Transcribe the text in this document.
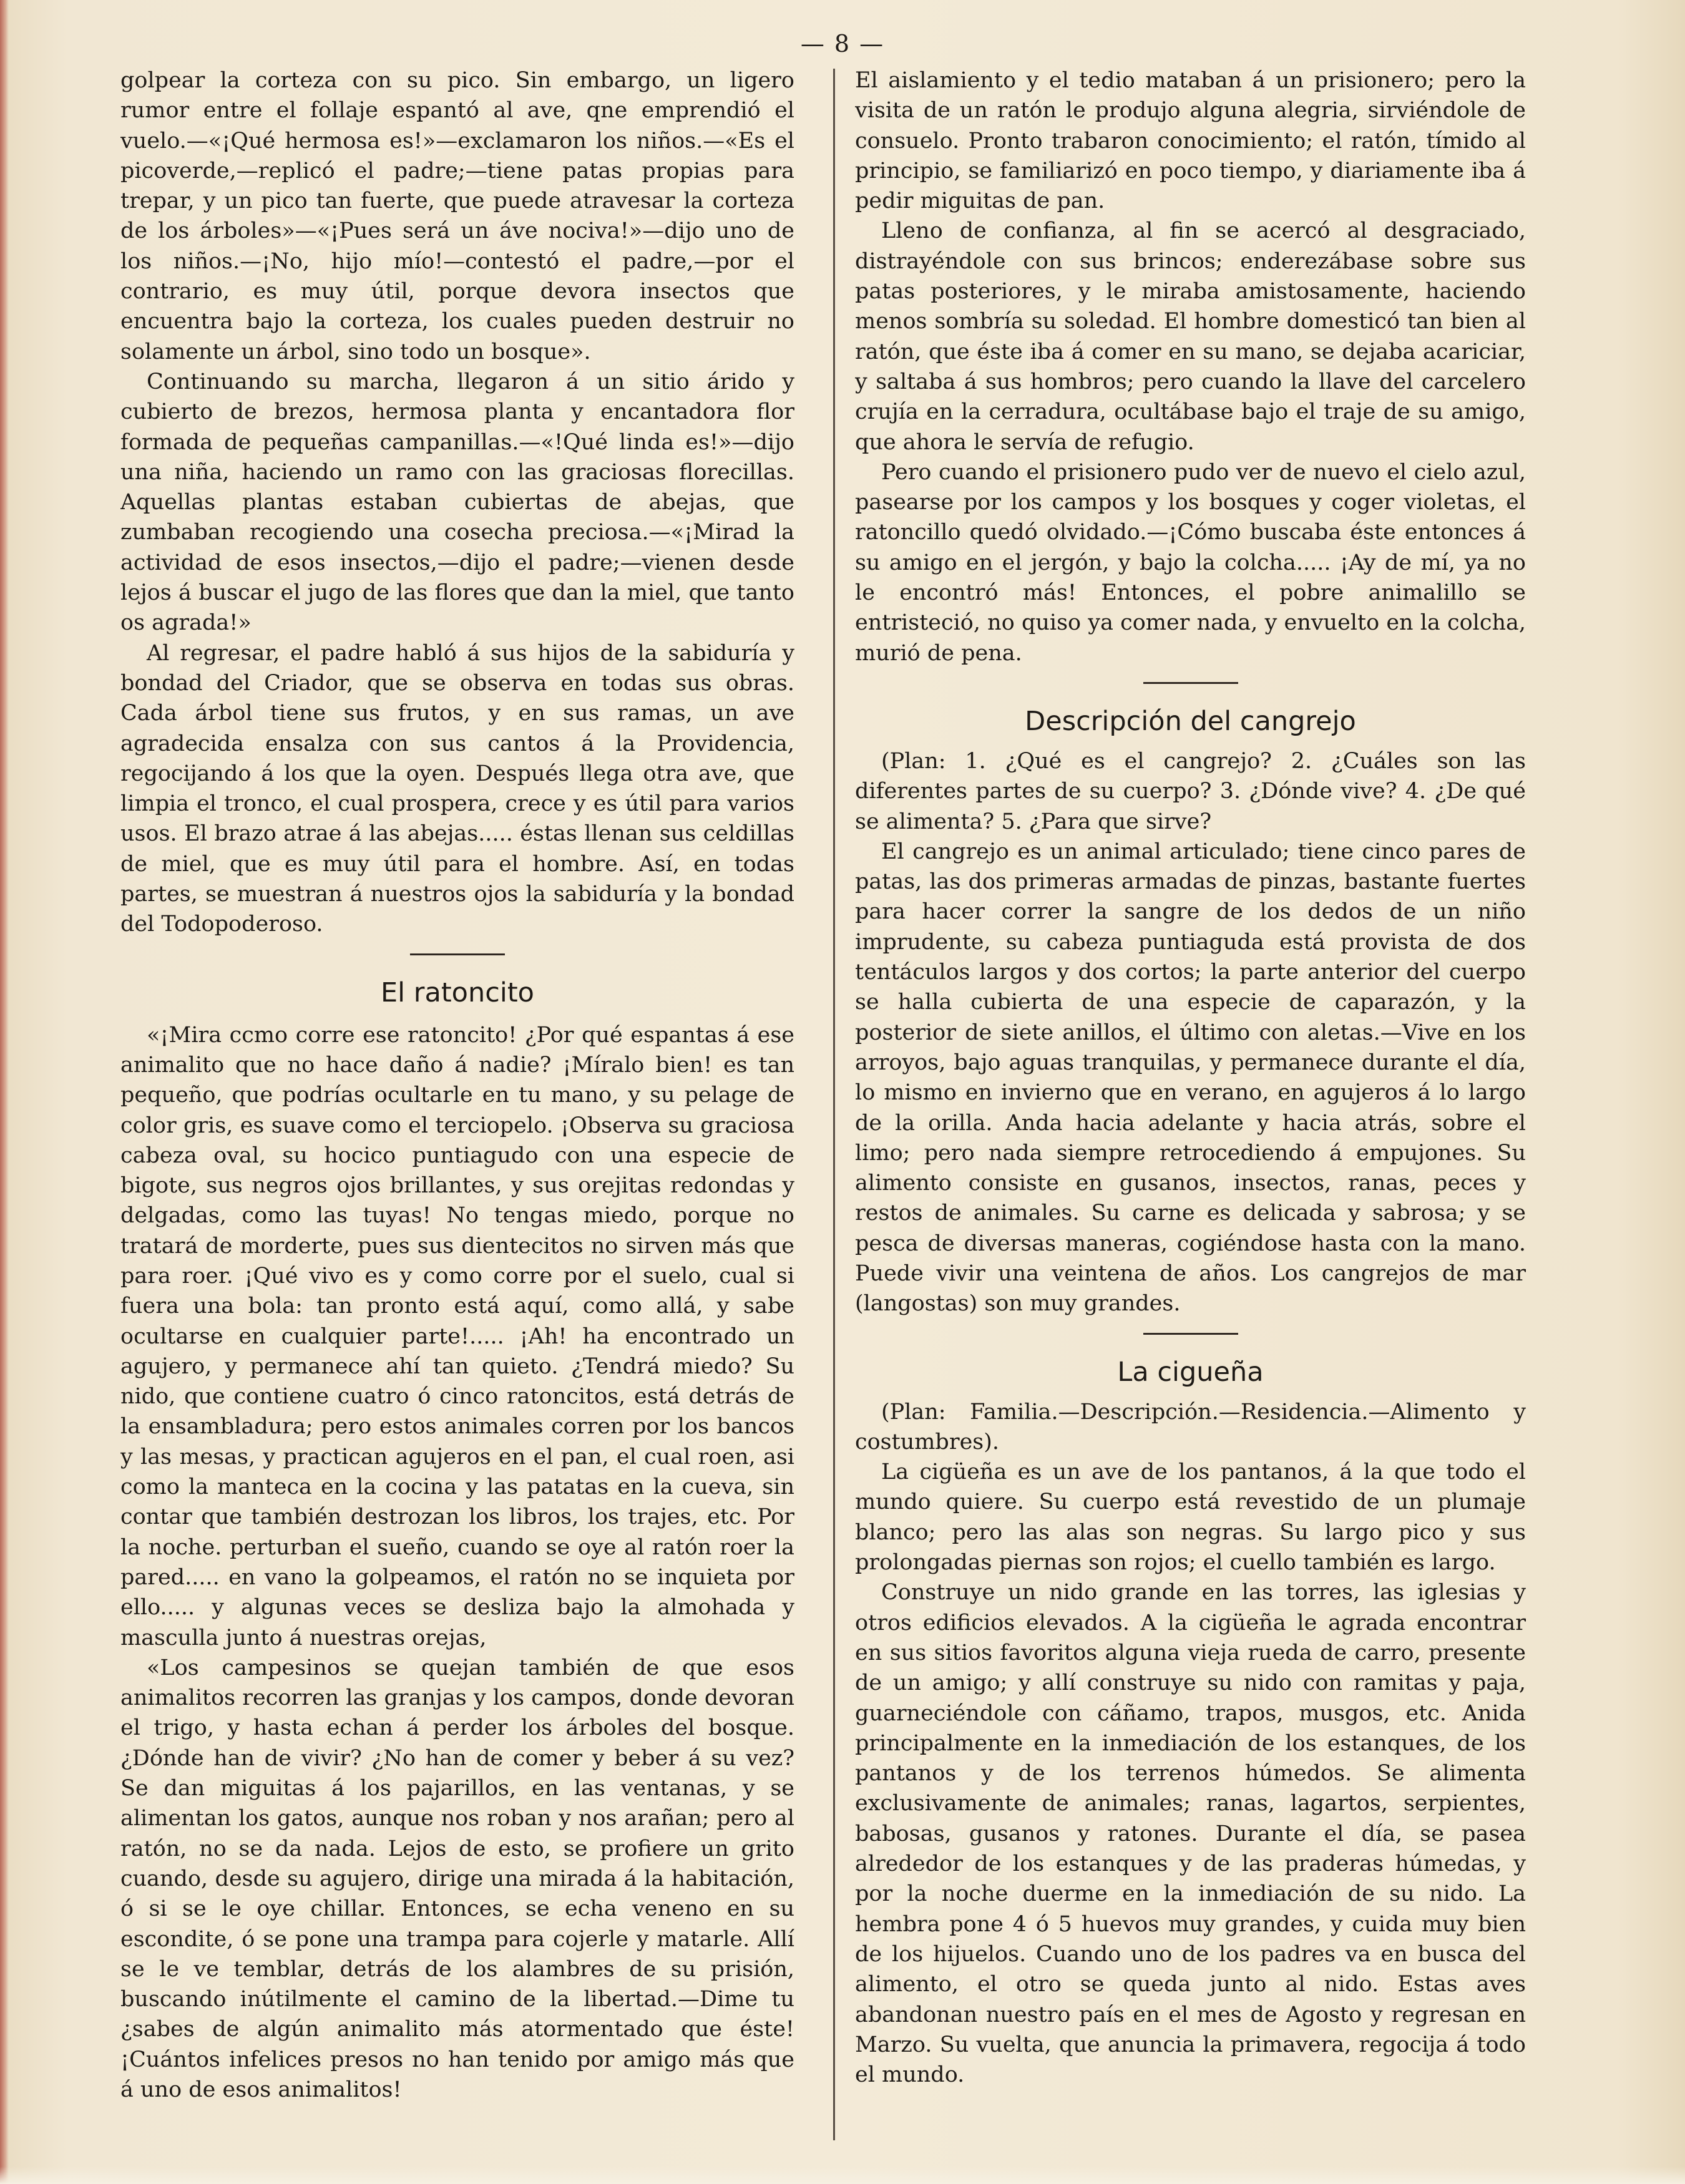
— 8 —

golpear la corteza con su pico. Sin embargo, un ligero rumor entre el follaje espantó al ave, qne emprendió el vuelo.—«¡Qué hermosa es!»—exclamaron los niños.—«Es el picoverde,—replicó el padre;—tiene patas propias para trepar, y un pico tan fuerte, que puede atravesar la corteza de los árboles»—«¡Pues será un áve nociva!»—dijo uno de los niños.—¡No, hijo mío!—contestó el padre,—por el contrario, es muy útil, porque devora insectos que encuentra bajo la corteza, los cuales pueden destruir no solamente un árbol, sino todo un bosque».

Continuando su marcha, llegaron á un sitio árido y cubierto de brezos, hermosa planta y encantadora flor formada de pequeñas campanillas.—«!Qué linda es!»—dijo una niña, haciendo un ramo con las graciosas florecillas. Aquellas plantas estaban cubiertas de abejas, que zumbaban recogiendo una cosecha preciosa.—«¡Mirad la actividad de esos insectos,—dijo el padre;—vienen desde lejos á buscar el jugo de las flores que dan la miel, que tanto os agrada!»

Al regresar, el padre habló á sus hijos de la sabiduría y bondad del Criador, que se observa en todas sus obras. Cada árbol tiene sus frutos, y en sus ramas, un ave agradecida ensalza con sus cantos á la Providencia, regocijando á los que la oyen. Después llega otra ave, que limpia el tronco, el cual prospera, crece y es útil para varios usos. El brazo atrae á las abejas..... éstas llenan sus celdillas de miel, que es muy útil para el hombre. Así, en todas partes, se muestran á nuestros ojos la sabiduría y la bondad del Todopoderoso.

El ratoncito

«¡Mira ccmo corre ese ratoncito! ¿Por qué espantas á ese animalito que no hace daño á nadie? ¡Míralo bien! es tan pequeño, que podrías ocultarle en tu mano, y su pelage de color gris, es suave como el terciopelo. ¡Observa su graciosa cabeza oval, su hocico puntiagudo con una especie de bigote, sus negros ojos brillantes, y sus orejitas redondas y delgadas, como las tuyas! No tengas miedo, porque no tratará de morderte, pues sus dientecitos no sirven más que para roer. ¡Qué vivo es y como corre por el suelo, cual si fuera una bola: tan pronto está aquí, como allá, y sabe ocultarse en cualquier parte!..... ¡Ah! ha encontrado un agujero, y permanece ahí tan quieto. ¿Tendrá miedo? Su nido, que contiene cuatro ó cinco ratoncitos, está detrás de la ensambladura; pero estos animales corren por los bancos y las mesas, y practican agujeros en el pan, el cual roen, asi como la manteca en la cocina y las patatas en la cueva, sin contar que también destrozan los libros, los trajes, etc. Por la noche. perturban el sueño, cuando se oye al ratón roer la pared..... en vano la golpeamos, el ratón no se inquieta por ello..... y algunas veces se desliza bajo la almohada y masculla junto á nuestras orejas,

«Los campesinos se quejan también de que esos animalitos recorren las granjas y los campos, donde devoran el trigo, y hasta echan á perder los árboles del bosque. ¿Dónde han de vivir? ¿No han de comer y beber á su vez? Se dan miguitas á los pajarillos, en las ventanas, y se alimentan los gatos, aunque nos roban y nos arañan; pero al ratón, no se da nada. Lejos de esto, se profiere un grito cuando, desde su agujero, dirige una mirada á la habitación, ó si se le oye chillar. Entonces, se echa veneno en su escondite, ó se pone una trampa para cojerle y matarle. Allí se le ve temblar, detrás de los alambres de su prisión, buscando inútilmente el camino de la libertad.—Dime tu ¿sabes de algún animalito más atormentado que éste! ¡Cuántos infelices presos no han tenido por amigo más que á uno de esos animalitos!

El aislamiento y el tedio mataban á un prisionero; pero la visita de un ratón le produjo alguna alegria, sirviéndole de consuelo. Pronto trabaron conocimiento; el ratón, tímido al principio, se familiarizó en poco tiempo, y diariamente iba á pedir miguitas de pan.

Lleno de confianza, al fin se acercó al desgraciado, distrayéndole con sus brincos; enderezábase sobre sus patas posteriores, y le miraba amistosamente, haciendo menos sombría su soledad. El hombre domesticó tan bien al ratón, que éste iba á comer en su mano, se dejaba acariciar, y saltaba á sus hombros; pero cuando la llave del carcelero crujía en la cerradura, ocultábase bajo el traje de su amigo, que ahora le servía de refugio.

Pero cuando el prisionero pudo ver de nuevo el cielo azul, pasearse por los campos y los bosques y coger violetas, el ratoncillo quedó olvidado.—¡Cómo buscaba éste entonces á su amigo en el jergón, y bajo la colcha..... ¡Ay de mí, ya no le encontró más! Entonces, el pobre animalillo se entristeció, no quiso ya comer nada, y envuelto en la colcha, murió de pena.

Descripción del cangrejo

(Plan: 1. ¿Qué es el cangrejo? 2. ¿Cuáles son las diferentes partes de su cuerpo? 3. ¿Dónde vive? 4. ¿De qué se alimenta? 5. ¿Para que sirve?

El cangrejo es un animal articulado; tiene cinco pares de patas, las dos primeras armadas de pinzas, bastante fuertes para hacer correr la sangre de los dedos de un niño imprudente, su cabeza puntiaguda está provista de dos tentáculos largos y dos cortos; la parte anterior del cuerpo se halla cubierta de una especie de caparazón, y la posterior de siete anillos, el último con aletas.—Vive en los arroyos, bajo aguas tranquilas, y permanece durante el día, lo mismo en invierno que en verano, en agujeros á lo largo de la orilla. Anda hacia adelante y hacia atrás, sobre el limo; pero nada siempre retrocediendo á empujones. Su alimento consiste en gusanos, insectos, ranas, peces y restos de animales. Su carne es delicada y sabrosa; y se pesca de diversas maneras, cogiéndose hasta con la mano. Puede vivir una veintena de años. Los cangrejos de mar (langostas) son muy grandes.

La cigueña

(Plan: Familia.—Descripción.—Residencia.—Alimento y costumbres).

La cigüeña es un ave de los pantanos, á la que todo el mundo quiere. Su cuerpo está revestido de un plumaje blanco; pero las alas son negras. Su largo pico y sus prolongadas piernas son rojos; el cuello también es largo.

Construye un nido grande en las torres, las iglesias y otros edificios elevados. A la cigüeña le agrada encontrar en sus sitios favoritos alguna vieja rueda de carro, presente de un amigo; y allí construye su nido con ramitas y paja, guarneciéndole con cáñamo, trapos, musgos, etc. Anida principalmente en la inmediación de los estanques, de los pantanos y de los terrenos húmedos. Se alimenta exclusivamente de animales; ranas, lagartos, serpientes, babosas, gusanos y ratones. Durante el día, se pasea alrededor de los estanques y de las praderas húmedas, y por la noche duerme en la inmediación de su nido. La hembra pone 4 ó 5 huevos muy grandes, y cuida muy bien de los hijuelos. Cuando uno de los padres va en busca del alimento, el otro se queda junto al nido. Estas aves abandonan nuestro país en el mes de Agosto y regresan en Marzo. Su vuelta, que anuncia la primavera, regocija á todo el mundo.
